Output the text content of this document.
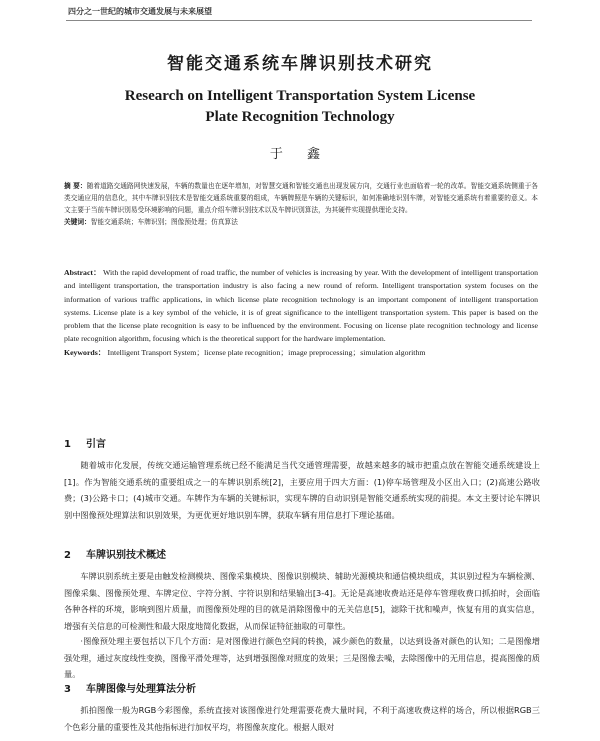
四分之一世纪的城市交通发展与未来展望
智能交通系统车牌识别技术研究
Research on Intelligent Transportation System License
Plate Recognition Technology
于 鑫
摘 要：随着道路交通路网快速发展，车辆的数量也在逐年增加，对智慧交通和智能交通也出现发展方向，交通行业也面临着一轮的改革。智能交通系统侧重于各类交通应用的信息化，其中车牌识别技术是智能交通系统重要的组成，车辆牌照是车辆的关键标识，如何准确地识别车牌，对智能交通系统有着重要的意义。本文主要于当前车牌识别易受环境影响的问题，重点介绍车牌识别技术以及车牌识别算法，为其硬件实现提供理论支持。
关键词：智能交通系统；车牌识别；图像预处理；仿真算法
Abstract： With the rapid development of road traffic, the number of vehicles is increasing by year. With the development of intelligent transportation and intelligent transportation, the transportation industry is also facing a new round of reform. Intelligent transportation system focuses on the information of various traffic applications, in which license plate recognition technology is an important component of intelligent transportation systems. License plate is a key symbol of the vehicle, it is of great significance to the intelligent transportation system. This paper is based on the problem that the license plate recognition is easy to be influenced by the environment. Focusing on license plate recognition technology and license plate recognition algorithm, focusing which is the theoretical support for the hardware implementation.
Keywords： Intelligent Transport System；license plate recognition；image preprocessing；simulation algorithm
1 引言
随着城市化发展，传统交通运输管理系统已经不能满足当代交通管理需要，故越来越多的城市把重点放在智能交通系统建设上[1]。作为智能交通系统的重要组成之一的车牌识别系统[2]，主要应用于四大方面：(1)停车场管理及小区出入口；(2)高速公路收费；(3)公路卡口；(4)城市交通。车牌作为车辆的关键标识，实现车牌的自动识别是智能交通系统实现的前提。本文主要讨论车牌识别中图像预处理算法和识别效果，为更优更好地识别车牌，获取车辆有用信息打下理论基础。
2 车牌识别技术概述
车牌识别系统主要是由触发检测模块、图像采集模块、图像识别模块、辅助光源模块和通信模块组成，其识别过程为车辆检测、图像采集、图像预处理、车牌定位、字符分割、字符识别和结果输出[3-4]。无论是高速收费站还是停车管理收费口抓拍时，会面临各种各样的环境，影响到图片质量，而图像预处理的目的就是消除图像中的无关信息[5]，滤除干扰和噪声，恢复有用的真实信息，增强有关信息的可检测性和最大限度地简化数据，从而保证特征抽取的可靠性。
·图像预处理主要包括以下几个方面：是对图像进行颜色空间的转换，减少颜色的数量，以达到设备对颜色的认知；二是图像增强处理，通过灰度线性变换，图像平滑处理等，达到增强图像对照度的效果；三是图像去噪，去除图像中的无用信息，提高图像的质量。
3 车牌图像与处理算法分析
抓拍图像一般为RGB今彩图像，系统直接对该图像进行处理需要花费大量时间，不利于高速收费这样的场合，所以根据RGB三个色彩分量的重要性及其他指标进行加权平均，将图像灰度化。根据人眼对
